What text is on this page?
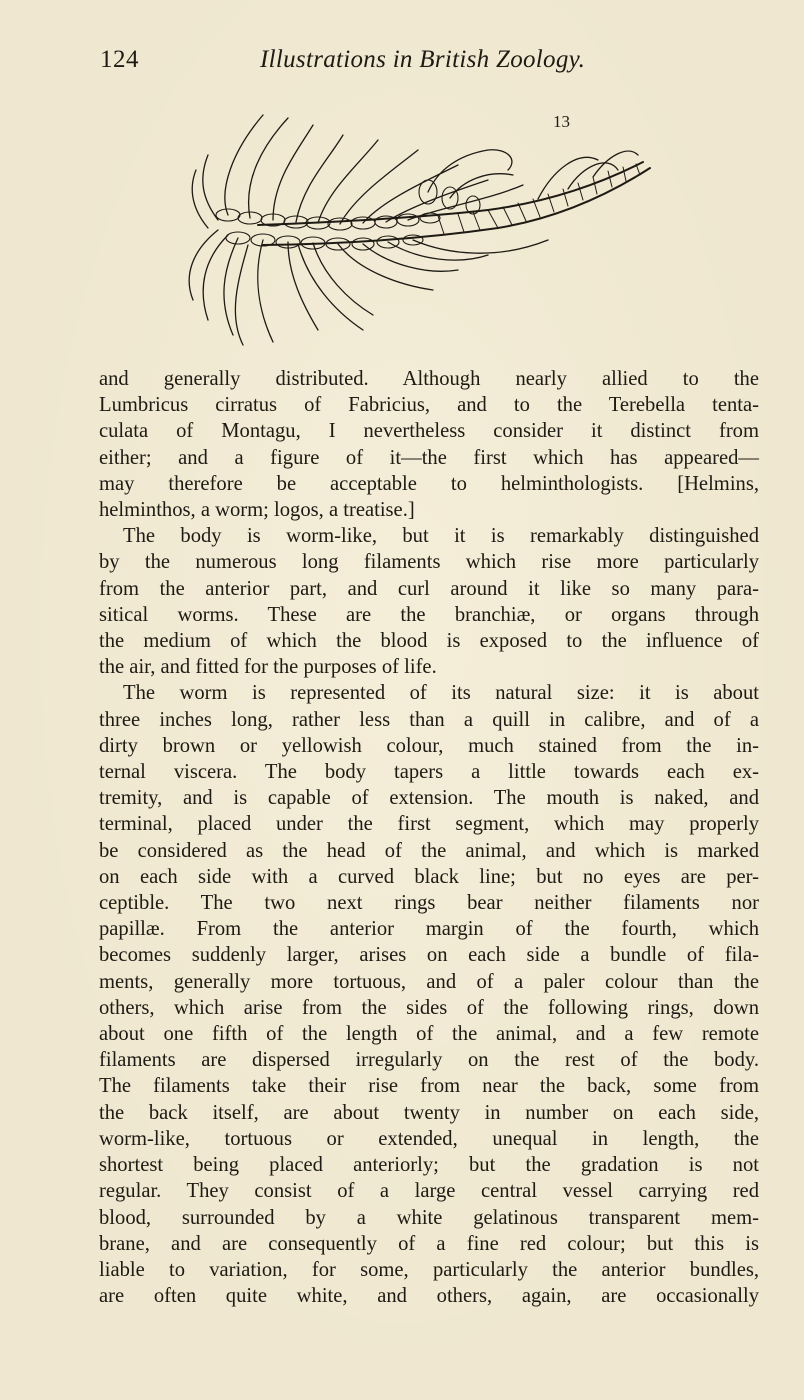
124	Illustrations in British Zoology.
13

and generally distributed. Although nearly allied to the
Lumbricus cirratus of Fabricius, and to the Terebella tenta-
culata of Montagu, I nevertheless consider it distinct from
either; and a figure of it—the first which has appeared—
may therefore be acceptable to helminthologists. [Helmins,
helminthos, a worm; logos, a treatise.]

The body is worm-like, but it is remarkably distinguished
by the numerous long filaments which rise more particularly
from the anterior part, and curl around it like so many para-
sitical worms. These are the branchiæ, or organs through
the medium of which the blood is exposed to the influence of
the air, and fitted for the purposes of life.

The worm is represented of its natural size: it is about
three inches long, rather less than a quill in calibre, and of a
dirty brown or yellowish colour, much stained from the in-
ternal viscera. The body tapers a little towards each ex-
tremity, and is capable of extension. The mouth is naked, and
terminal, placed under the first segment, which may properly
be considered as the head of the animal, and which is marked
on each side with a curved black line; but no eyes are per-
ceptible. The two next rings bear neither filaments nor
papillæ. From the anterior margin of the fourth, which
becomes suddenly larger, arises on each side a bundle of fila-
ments, generally more tortuous, and of a paler colour than the
others, which arise from the sides of the following rings, down
about one fifth of the length of the animal, and a few remote
filaments are dispersed irregularly on the rest of the body.
The filaments take their rise from near the back, some from
the back itself, are about twenty in number on each side,
worm-like, tortuous or extended, unequal in length, the
shortest being placed anteriorly; but the gradation is not
regular. They consist of a large central vessel carrying red
blood, surrounded by a white gelatinous transparent mem-
brane, and are consequently of a fine red colour; but this is
liable to variation, for some, particularly the anterior bundles,
are often quite white, and others, again, are occasionally
